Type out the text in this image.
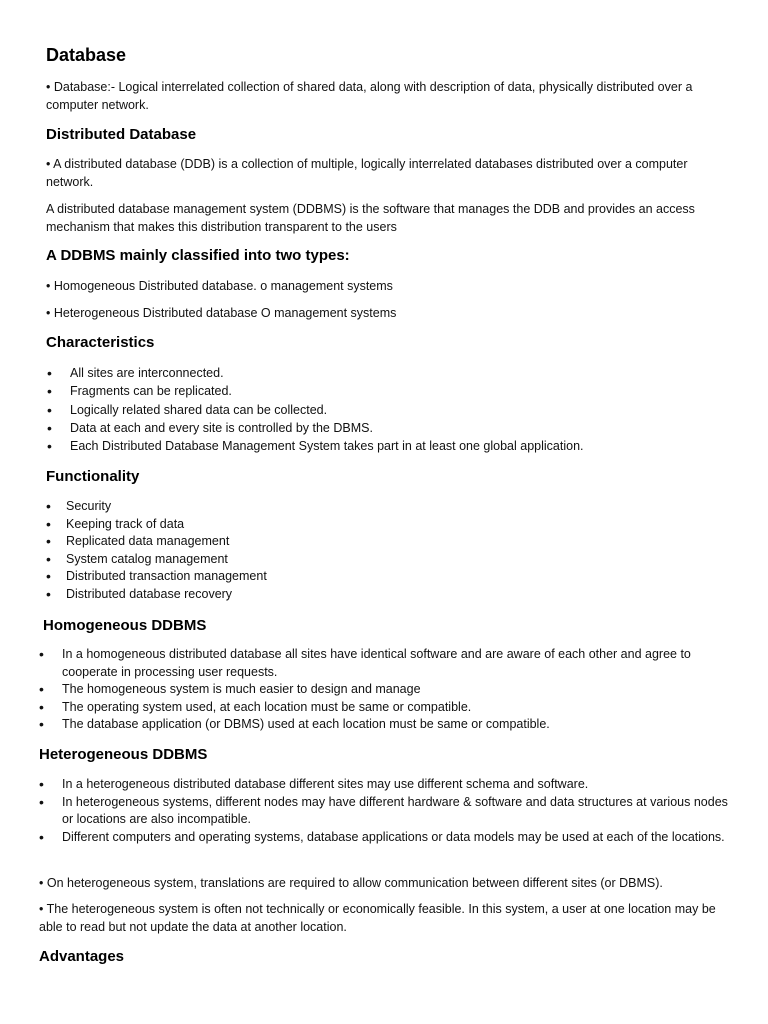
Database

• Database:- Logical interrelated collection of shared data, along with description of data, physically distributed over a computer network.

Distributed Database

• A distributed database (DDB) is a collection of multiple, logically interrelated databases distributed over a computer network.

A distributed database management system (DDBMS) is the software that manages the DDB and provides an access mechanism that makes this distribution transparent to the users

A DDBMS mainly classified into two types:

• Homogeneous Distributed database. o management systems

• Heterogeneous Distributed database O management systems

Characteristics
• All sites are interconnected.
• Fragments can be replicated.
• Logically related shared data can be collected.
• Data at each and every site is controlled by the DBMS.
• Each Distributed Database Management System takes part in at least one global application.
Functionality
• Security
• Keeping track of data
• Replicated data management
• System catalog management
• Distributed transaction management
• Distributed database recovery
Homogeneous DDBMS
• In a homogeneous distributed database all sites have identical software and are aware of each other and agree to cooperate in processing user requests.
• The homogeneous system is much easier to design and manage
• The operating system used, at each location must be same or compatible.
• The database application (or DBMS) used at each location must be same or compatible.
Heterogeneous DDBMS
• In a heterogeneous distributed database different sites may use different schema and software.
• In heterogeneous systems, different nodes may have different hardware & software and data structures at various nodes or locations are also incompatible.
• Different computers and operating systems, database applications or data models may be used at each of the locations.

• On heterogeneous system, translations are required to allow communication between different sites (or DBMS).

• The heterogeneous system is often not technically or economically feasible. In this system, a user at one location may be able to read but not update the data at another location.

Advantages
